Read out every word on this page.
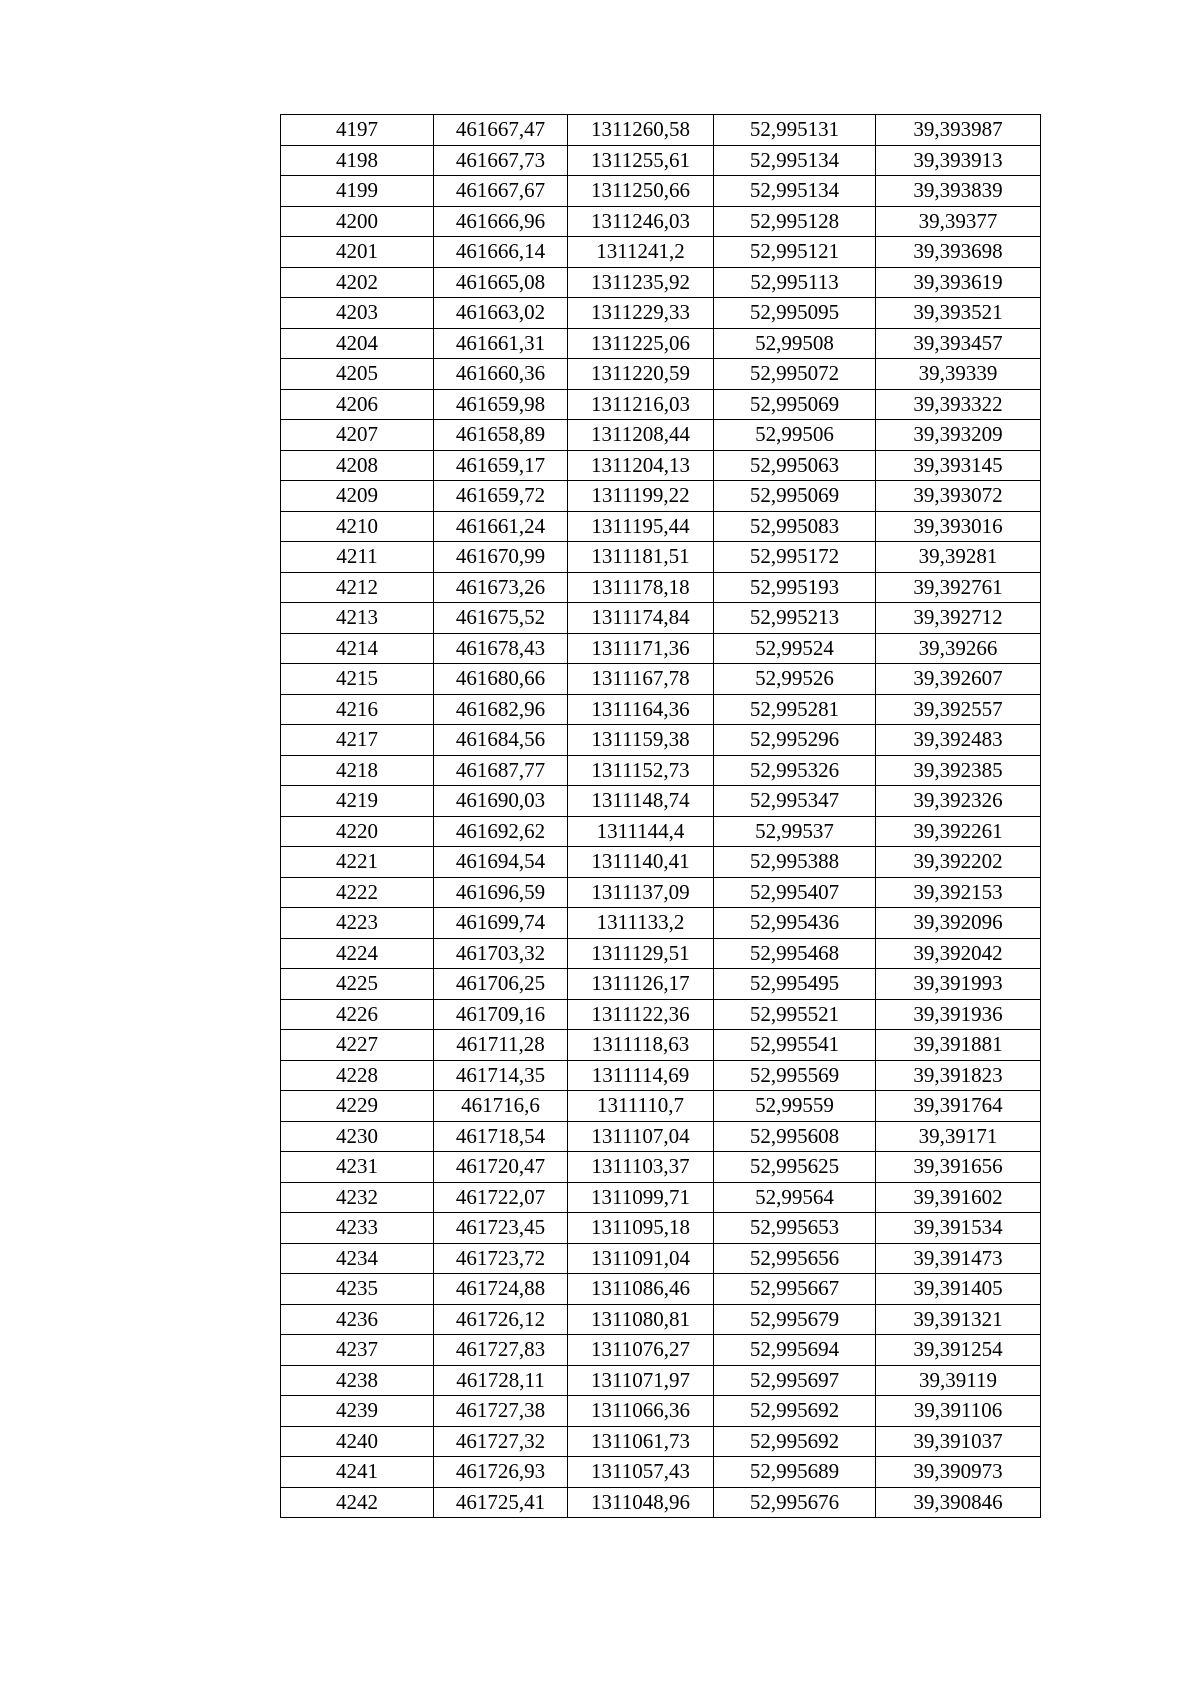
4197	461667,47	1311260,58	52,995131	39,393987
4198	461667,73	1311255,61	52,995134	39,393913
4199	461667,67	1311250,66	52,995134	39,393839
4200	461666,96	1311246,03	52,995128	39,39377
4201	461666,14	1311241,2	52,995121	39,393698
4202	461665,08	1311235,92	52,995113	39,393619
4203	461663,02	1311229,33	52,995095	39,393521
4204	461661,31	1311225,06	52,99508	39,393457
4205	461660,36	1311220,59	52,995072	39,39339
4206	461659,98	1311216,03	52,995069	39,393322
4207	461658,89	1311208,44	52,99506	39,393209
4208	461659,17	1311204,13	52,995063	39,393145
4209	461659,72	1311199,22	52,995069	39,393072
4210	461661,24	1311195,44	52,995083	39,393016
4211	461670,99	1311181,51	52,995172	39,39281
4212	461673,26	1311178,18	52,995193	39,392761
4213	461675,52	1311174,84	52,995213	39,392712
4214	461678,43	1311171,36	52,99524	39,39266
4215	461680,66	1311167,78	52,99526	39,392607
4216	461682,96	1311164,36	52,995281	39,392557
4217	461684,56	1311159,38	52,995296	39,392483
4218	461687,77	1311152,73	52,995326	39,392385
4219	461690,03	1311148,74	52,995347	39,392326
4220	461692,62	1311144,4	52,99537	39,392261
4221	461694,54	1311140,41	52,995388	39,392202
4222	461696,59	1311137,09	52,995407	39,392153
4223	461699,74	1311133,2	52,995436	39,392096
4224	461703,32	1311129,51	52,995468	39,392042
4225	461706,25	1311126,17	52,995495	39,391993
4226	461709,16	1311122,36	52,995521	39,391936
4227	461711,28	1311118,63	52,995541	39,391881
4228	461714,35	1311114,69	52,995569	39,391823
4229	461716,6	1311110,7	52,99559	39,391764
4230	461718,54	1311107,04	52,995608	39,39171
4231	461720,47	1311103,37	52,995625	39,391656
4232	461722,07	1311099,71	52,99564	39,391602
4233	461723,45	1311095,18	52,995653	39,391534
4234	461723,72	1311091,04	52,995656	39,391473
4235	461724,88	1311086,46	52,995667	39,391405
4236	461726,12	1311080,81	52,995679	39,391321
4237	461727,83	1311076,27	52,995694	39,391254
4238	461728,11	1311071,97	52,995697	39,39119
4239	461727,38	1311066,36	52,995692	39,391106
4240	461727,32	1311061,73	52,995692	39,391037
4241	461726,93	1311057,43	52,995689	39,390973
4242	461725,41	1311048,96	52,995676	39,390846
